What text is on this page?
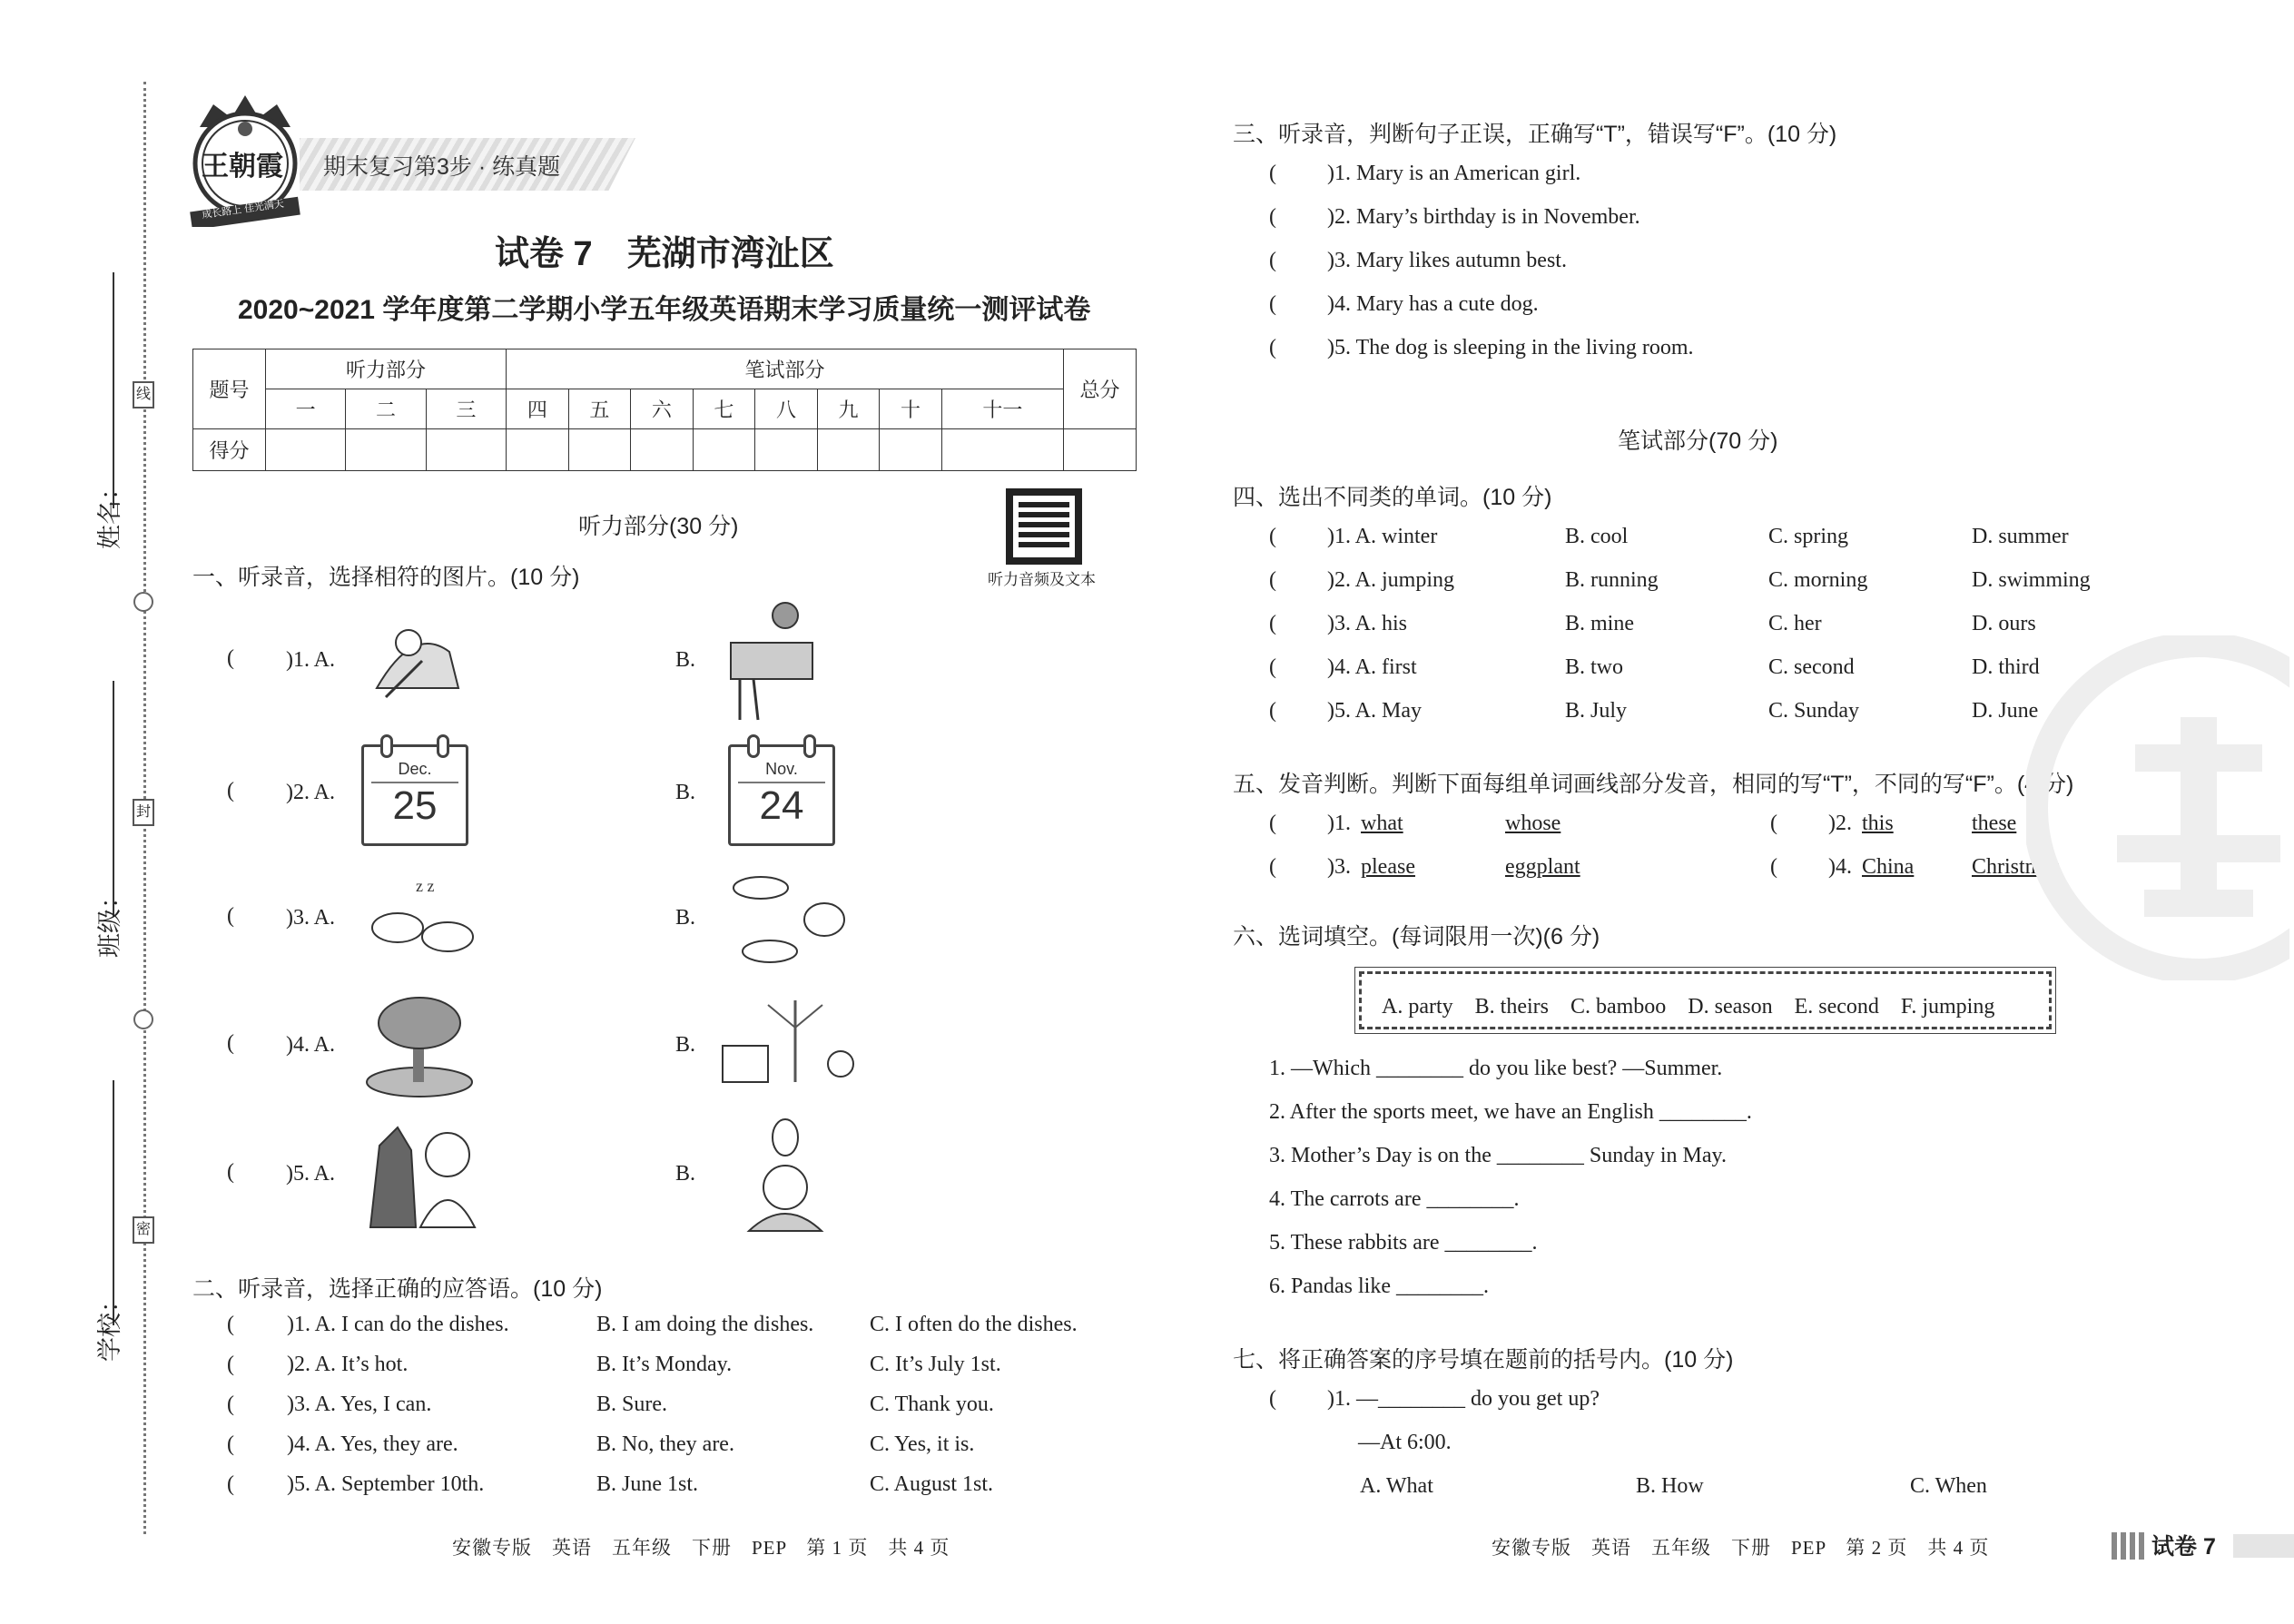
线
封
密
姓名：
班级：
学校：
王朝霞
成长路上 佳光满天
期末复习第3步 · 练真题
试卷 7　芜湖市湾沚区
2020~2021 学年度第二学期小学五年级英语期末学习质量统一测评试卷
题号	听力部分			笔试部分								总分
	一	二	三	四	五	六	七	八	九	十	十一	
得分												
听力音频及文本
听力部分(30 分)
一、听录音，选择相符的图片。(10 分)
( )1. A.	B.
( )2. A.	B.
Dec.
25
Nov.
24
( )3. A.	B.
z z
( )4. A.	B.
( )5. A.	B.
二、听录音，选择正确的应答语。(10 分)
( )1. A. I can do the dishes.	B. I am doing the dishes.	C. I often do the dishes.
( )2. A. It’s hot.	B. It’s Monday.	C. It’s July 1st.
( )3. A. Yes, I can.	B. Sure.	C. Thank you.
( )4. A. Yes, they are.	B. No, they are.	C. Yes, it is.
( )5. A. September 10th.	B. June 1st.	C. August 1st.
三、听录音，判断句子正误，正确写“T”，错误写“F”。(10 分)
( )1. Mary is an American girl.
( )2. Mary’s birthday is in November.
( )3. Mary likes autumn best.
( )4. Mary has a cute dog.
( )5. The dog is sleeping in the living room.
笔试部分(70 分)
四、选出不同类的单词。(10 分)
( )1. A. winter	B. cool	C. spring	D. summer
( )2. A. jumping	B. running	C. morning	D. swimming
( )3. A. his	B. mine	C. her	D. ours
( )4. A. first	B. two	C. second	D. third
( )5. A. May	B. July	C. Sunday	D. June
五、发音判断。判断下面每组单词画线部分发音，相同的写“T”，不同的写“F”。(4 分)
( )1. what	whose	( )2. this	these
( )3. please	eggplant	( )4. China	Christmas
六、选词填空。(每词限用一次)(6 分)
A. party　B. theirs　C. bamboo　D. season　E. second　F. jumping
1. —Which ________ do you like best? —Summer.
2. After the sports meet, we have an English ________.
3. Mother’s Day is on the ________ Sunday in May.
4. The carrots are ________.
5. These rabbits are ________.
6. Pandas like ________.
七、将正确答案的序号填在题前的括号内。(10 分)
( )1. —________ do you get up?
—At 6:00.
A. What	B. How	C. When
安徽专版　英语　五年级　下册　PEP　第 1 页　共 4 页	安徽专版　英语　五年级　下册　PEP　第 2 页　共 4 页	试卷 7
